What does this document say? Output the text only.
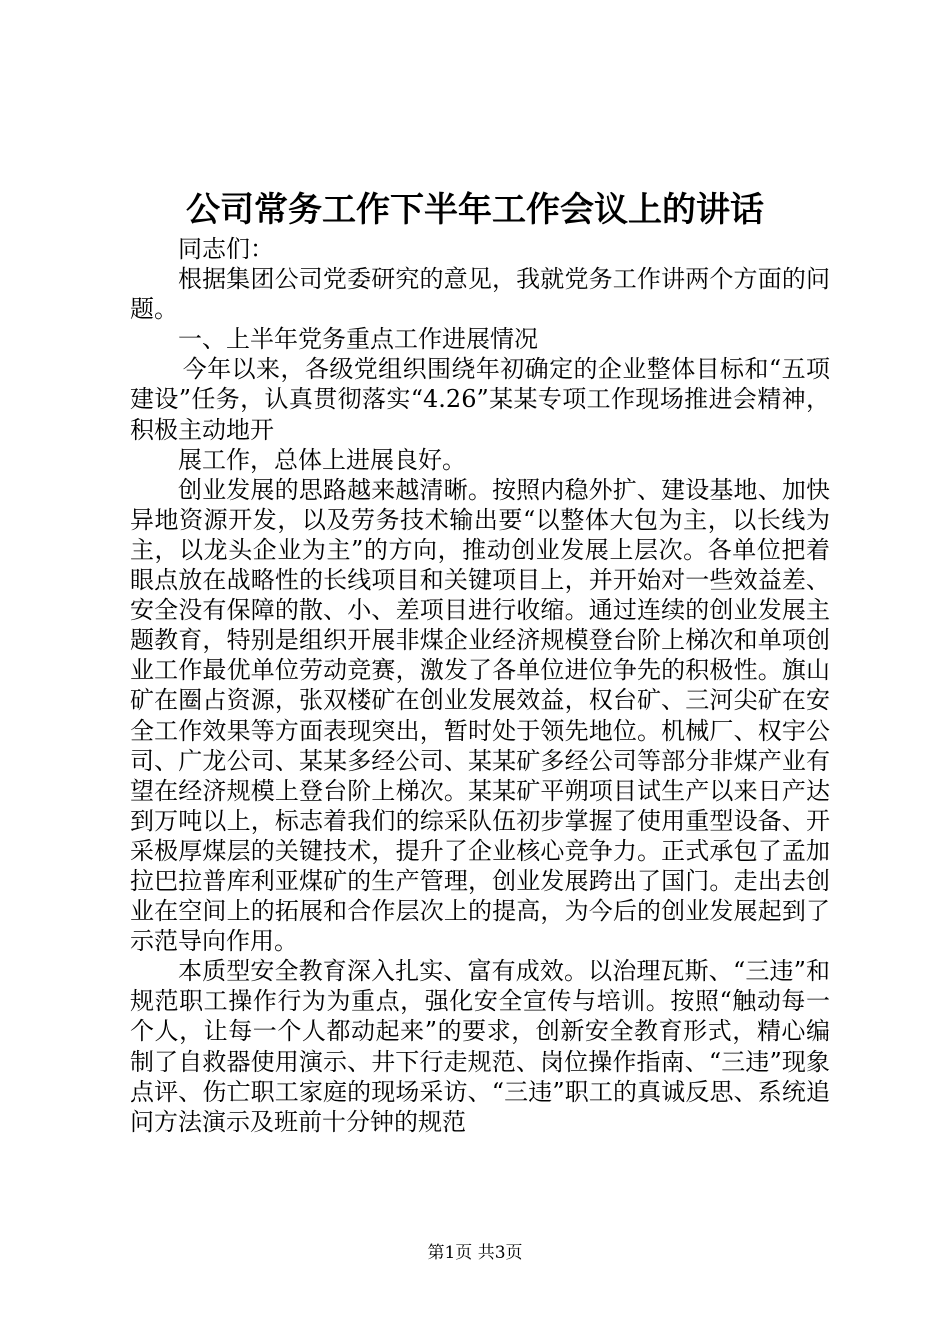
公司常务工作下半年工作会议上的讲话

同志们：

根据集团公司党委研究的意见，我就党务工作讲两个方面的问题。

一、上半年党务重点工作进展情况

今年以来，各级党组织围绕年初确定的企业整体目标和“五项建设”任务，认真贯彻落实“4.26”某某专项工作现场推进会精神，积极主动地开

展工作，总体上进展良好。

创业发展的思路越来越清晰。按照内稳外扩、建设基地、加快异地资源开发，以及劳务技术输出要“以整体大包为主，以长线为主，以龙头企业为主”的方向，推动创业发展上层次。各单位把着眼点放在战略性的长线项目和关键项目上，并开始对一些效益差、安全没有保障的散、小、差项目进行收缩。通过连续的创业发展主题教育，特别是组织开展非煤企业经济规模登台阶上梯次和单项创业工作最优单位劳动竞赛，激发了各单位进位争先的积极性。旗山矿在圈占资源，张双楼矿在创业发展效益，权台矿、三河尖矿在安全工作效果等方面表现突出，暂时处于领先地位。机械厂、权宇公司、广龙公司、某某多经公司、某某矿多经公司等部分非煤产业有望在经济规模上登台阶上梯次。某某矿平朔项目试生产以来日产达到万吨以上，标志着我们的综采队伍初步掌握了使用重型设备、开采极厚煤层的关键技术，提升了企业核心竞争力。正式承包了孟加拉巴拉普库利亚煤矿的生产管理，创业发展跨出了国门。走出去创业在空间上的拓展和合作层次上的提高，为今后的创业发展起到了示范导向作用。

本质型安全教育深入扎实、富有成效。以治理瓦斯、“三违”和规范职工操作行为为重点，强化安全宣传与培训。按照“触动每一个人，让每一个人都动起来”的要求，创新安全教育形式，精心编制了自救器使用演示、井下行走规范、岗位操作指南、“三违”现象点评、伤亡职工家庭的现场采访、“三违”职工的真诚反思、系统追问方法演示及班前十分钟的规范

第1页 共3页
